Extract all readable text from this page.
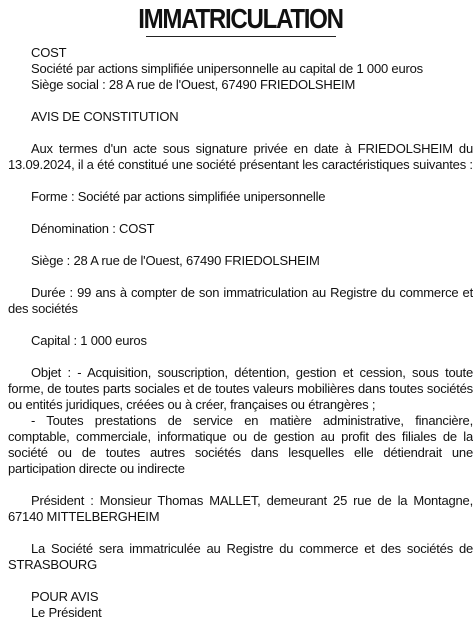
IMMATRICULATION
COST
Société par actions simplifiée unipersonnelle au capital de 1 000 euros
Siège social : 28 A rue de l'Ouest, 67490 FRIEDOLSHEIM
AVIS DE CONSTITUTION
Aux termes d'un acte sous signature privée en date à FRIEDOLSHEIM du 13.09.2024, il a été constitué une société présentant les caractéristiques suivantes :
Forme : Société par actions simplifiée unipersonnelle
Dénomination : COST
Siège : 28 A rue de l'Ouest, 67490 FRIEDOLSHEIM
Durée : 99 ans à compter de son immatriculation au Registre du commerce et des sociétés
Capital : 1 000 euros
Objet : - Acquisition, souscription, détention, gestion et cession, sous toute forme, de toutes parts sociales et de toutes valeurs mobilières dans toutes sociétés ou entités juridiques, créées ou à créer, françaises ou étrangères ;
- Toutes prestations de service en matière administrative, financière, comptable, commerciale, informatique ou de gestion au profit des filiales de la société ou de toutes autres sociétés dans lesquelles elle détiendrait une participation directe ou indirecte
Président : Monsieur Thomas MALLET, demeurant 25 rue de la Montagne, 67140 MITTELBERGHEIM
La Société sera immatriculée au Registre du commerce et des sociétés de STRASBOURG
POUR AVIS
Le Président
